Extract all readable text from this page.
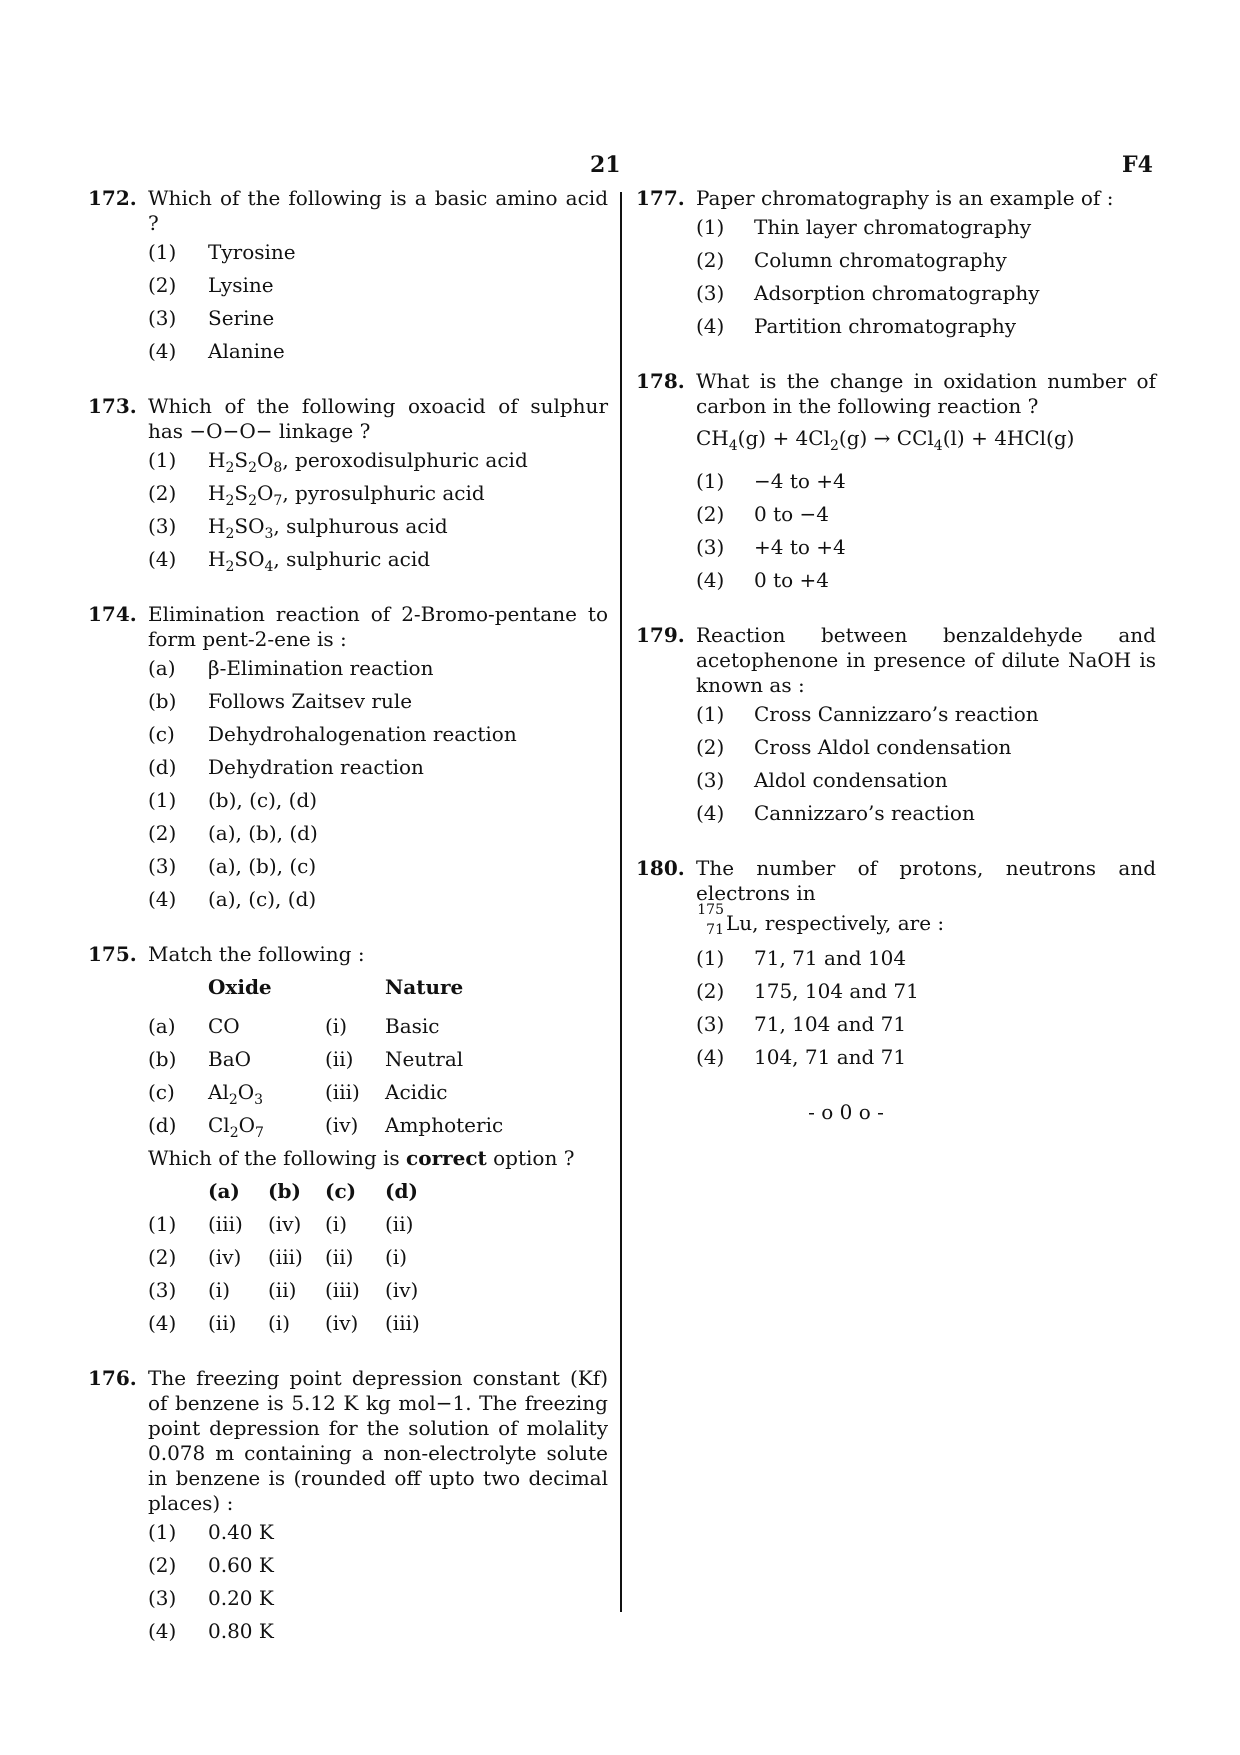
21	F4
172. Which of the following is a basic amino acid ?
(1) Tyrosine
(2) Lysine
(3) Serine
(4) Alanine
173. Which of the following oxoacid of sulphur has −O−O− linkage ?
(1) $H_2S_2O_8$, peroxodisulphuric acid
(2) $H_2S_2O_7$, pyrosulphuric acid
(3) $H_2SO_3$, sulphurous acid
(4) $H_2SO_4$, sulphuric acid
174. Elimination reaction of 2-Bromo-pentane to form pent-2-ene is :
(a) β-Elimination reaction
(b) Follows Zaitsev rule
(c) Dehydrohalogenation reaction
(d) Dehydration reaction
(1) (b), (c), (d)
(2) (a), (b), (d)
(3) (a), (b), (c)
(4) (a), (c), (d)
175. Match the following :
Oxide	Nature
(a) CO	(i) Basic
(b) BaO	(ii) Neutral
(c) $Al_2O_3$	(iii) Acidic
(d) $Cl_2O_7$	(iv) Amphoteric
Which of the following is correct option ?
(a) (b) (c) (d)
(1) (iii) (iv) (i) (ii)
(2) (iv) (iii) (ii) (i)
(3) (i) (ii) (iii) (iv)
(4) (ii) (i) (iv) (iii)
176. The freezing point depression constant (Kf) of benzene is 5.12 K kg mol−1. The freezing point depression for the solution of molality 0.078 m containing a non-electrolyte solute in benzene is (rounded off upto two decimal places) :
(1) 0.40 K
(2) 0.60 K
(3) 0.20 K
(4) 0.80 K
177. Paper chromatography is an example of :
(1) Thin layer chromatography
(2) Column chromatography
(3) Adsorption chromatography
(4) Partition chromatography
178. What is the change in oxidation number of carbon in the following reaction ?
$CH_4(g) + 4Cl_2(g) \to CCl_4(l) + 4HCl(g)$
(1) −4 to +4
(2) 0 to −4
(3) +4 to +4
(4) 0 to +4
179. Reaction between benzaldehyde and acetophenone in presence of dilute NaOH is known as :
(1) Cross Cannizzaro’s reaction
(2) Cross Aldol condensation
(3) Aldol condensation
(4) Cannizzaro’s reaction
180. The number of protons, neutrons and electrons in

175
71 Lu, respectively, are :
(1) 71, 71 and 104
(2) 175, 104 and 71
(3) 71, 104 and 71
(4) 104, 71 and 71
- o 0 o -
